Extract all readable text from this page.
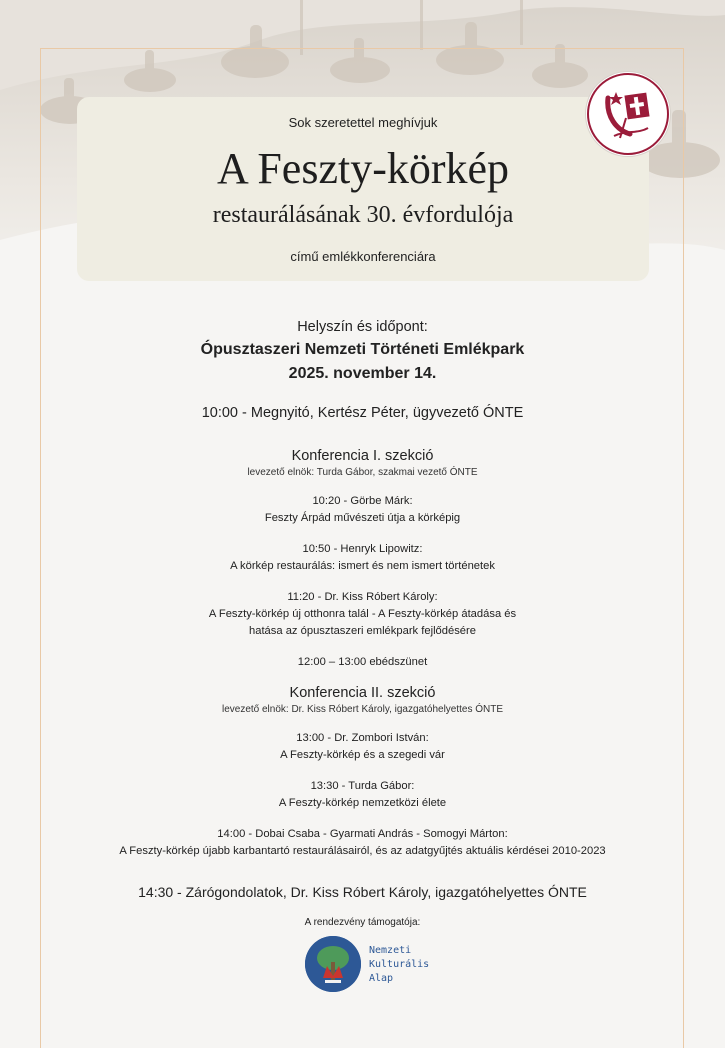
Sok szeretettel meghívjuk
A Feszty-körkép
restaurálásának 30. évfordulója
című emlékkonferenciára
Helyszín és időpont:
Ópusztaszeri Nemzeti Történeti Emlékpark
2025. november 14.
10:00 - Megnyitó, Kertész Péter, ügyvezető ÓNTE
Konferencia I. szekció
levezető elnök: Turda Gábor, szakmai vezető ÓNTE
10:20 - Görbe Márk:
Feszty Árpád művészeti útja a körképig
10:50 - Henryk Lipowitz:
A körkép restaurálás: ismert és nem ismert történetek
11:20 - Dr. Kiss Róbert Károly:
A Feszty-körkép új otthonra talál - A Feszty-körkép átadása és
hatása az ópusztaszeri emlékpark fejlődésére
12:00 – 13:00 ebédszünet
Konferencia II. szekció
levezető elnök: Dr. Kiss Róbert Károly, igazgatóhelyettes ÓNTE
13:00 - Dr. Zombori István:
A Feszty-körkép és a szegedi vár
13:30 - Turda Gábor:
A Feszty-körkép nemzetközi élete
14:00 - Dobai Csaba - Gyarmati András - Somogyi Márton:
A Feszty-körkép újabb karbantartó restaurálásairól, és az adatgyűjtés aktuális kérdései 2010-2023
14:30 - Zárógondolatok, Dr. Kiss Róbert Károly, igazgatóhelyettes ÓNTE
A rendezvény támogatója:
Nemzeti
Kulturális
Alap
